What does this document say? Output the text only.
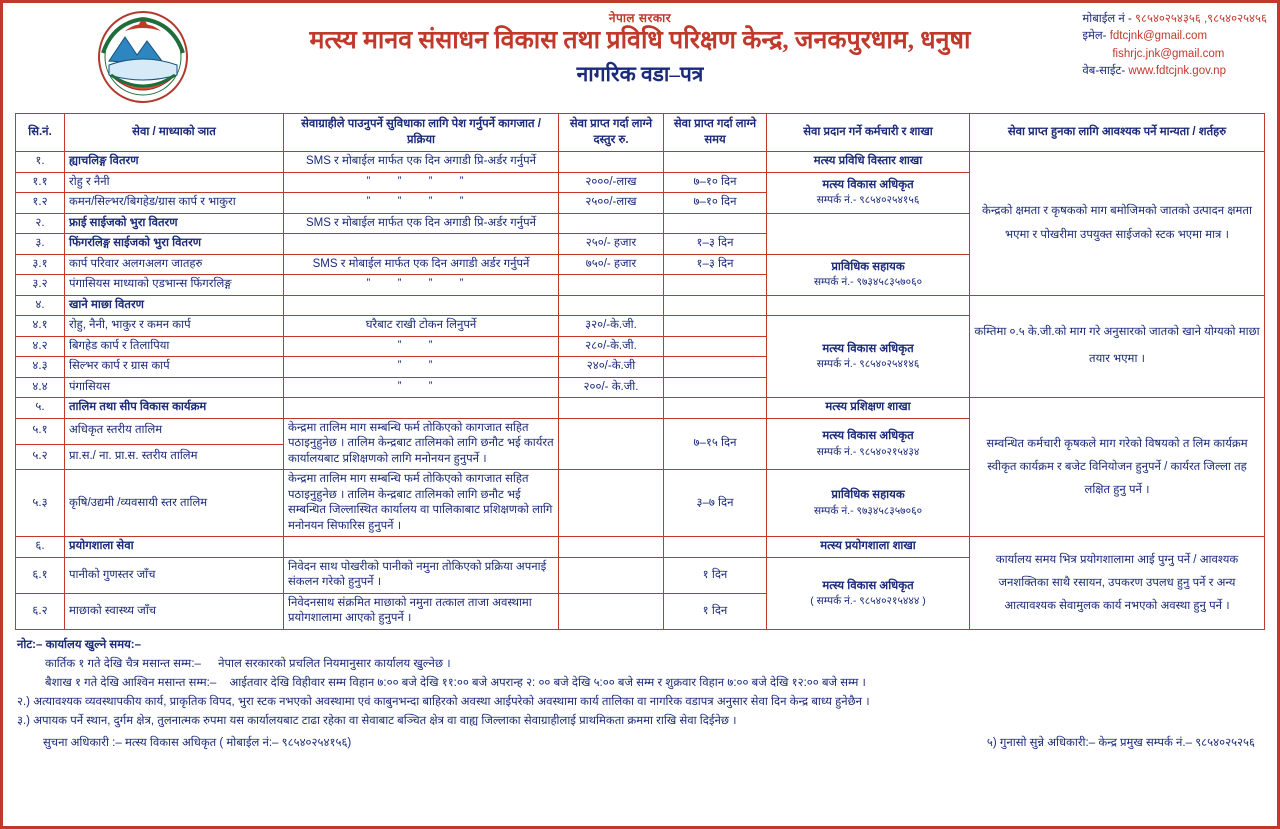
नेपाल सरकार
मत्स्य मानव संसाधन विकास तथा प्रविधि परिक्षण केन्द्र, जनकपुरधाम, धनुषा
नागरिक वडा–पत्र
मोबाईल नं - ९८५४०२५४३५६ ,९८५४०२५४५६
इमेल- fdtcjnk@gmail.com
fishrjc.jnk@gmail.com
वेब-साईट- www.fdtcjnk.gov.np
सि.नं.	सेवा / माध्याको ञात	सेवाग्राहीले पाउनुपर्ने सुविधाका लागि पेश गर्नुपर्ने कागजात / प्रक्रिया	सेवा प्राप्त गर्दा लाग्ने दस्तुर रु.	सेवा प्राप्त गर्दा लाग्ने समय	सेवा प्रदान गर्ने कर्मचारी र शाखा	सेवा प्राप्त हुनका लागि आवश्यक पर्ने मान्यता / शर्तहरु
१.	ह्याचलिङ्ग वितरण	SMS र मोबाईल मार्फत एक दिन अगाडी प्रि-अर्डर गर्नुपर्ने			मत्स्य प्रविधि विस्तार शाखा	केन्द्रको क्षमता र कृषकको माग बमोजिमको जातको उत्पादन क्षमता भएमा र पोखरीमा उपयुक्त साईजको स्टक भएमा मात्र ।
१.१	रोहु र नैनी	” ” ” ”	२०००/-लाख	७–१० दिन	मत्स्य विकास अधिकृत
सम्पर्क नं.- ९८५४०२५४१५६	

१.२	कमन/सिल्भर/बिगहेड/ग्रास कार्प र भाकुरा	” ” ” ”	२५००/-लाख	७–१० दिन		
२.	फ्राई साईजको भुरा वितरण	SMS र मोबाईल मार्फत एक दिन अगाडी प्रि-अर्डर गर्नुपर्ने				
३.	फिंगरलिङ्ग साईजको भुरा वितरण		२५०/- हजार	१–३ दिन		
३.१	कार्प परिवार अलगअलग जातहरु	SMS र मोबाईल मार्फत एक दिन अगाडी अर्डर गर्नुपर्ने	७५०/- हजार	१–३ दिन	प्राविधिक सहायक
सम्पर्क नं.- ९७३४५८३५७०६०	

३.२	पंगासियस माध्याको एडभान्स फिंगरलिङ्ग	” ” ” ”				
४.	खाने माछा वितरण					कम्तिमा ०.५ के.जी.को माग गरे अनुसारको जातको खाने योग्यको माछा तयार भएमा ।
४.१	रोहु, नैनी, भाकुर र कमन कार्प	घरैबाट राखी टोकन लिनुपर्ने	३२०/-के.जी.		मत्स्य विकास अधिकृत
सम्पर्क नं.- ९८५४०२५४१४६	

४.२	बिगहेड कार्प र तिलापिया	” ”	२८०/-के.जी.			
४.३	सिल्भर कार्प र ग्रास कार्प	” ”	२४०/-के.जी			
४.४	पंगासियस	” ”	२००/- के.जी.			
५.	तालिम तथा सीप विकास कार्यक्रम				मत्स्य प्रशिक्षण शाखा	सम्वन्धित कर्मचारी कृषकले माग गरेको विषयको त लिम कार्यक्रम स्वीकृत कार्यक्रम र बजेट विनियोजन हुनुपर्ने / कार्यरत जिल्ला तह लक्षित हुनु पर्ने ।
५.१	अधिकृत स्तरीय तालिम	केन्द्रमा तालिम माग सम्बन्धि फर्म तोकिएको कागजात सहित पठाइनुहुनेछ । तालिम केन्द्रबाट तालिमको लागि छनौट भई कार्यरत कार्यालयबाट प्रशिक्षणको लागि मनोनयन हुनुपर्ने ।		७–१५ दिन	मत्स्य विकास अधिकृत
सम्पर्क नं.- ९८५४०२१५४३४	

५.२	प्रा.स./ ना. प्रा.स. स्तरीय तालिम					
५.३	कृषि/उद्यमी /व्यवसायी स्तर तालिम	केन्द्रमा तालिम माग सम्बन्धि फर्म तोकिएको कागजात सहित पठाइनुहुनेछ । तालिम केन्द्रबाट तालिमको लागि छनौट भई सम्बन्धित जिल्लास्थित कार्यालय वा पालिकाबाट प्रशिक्षणको लागि मनोनयन सिफारिस हुनुपर्ने ।		३–७ दिन	प्राविधिक सहायक
सम्पर्क नं.- ९७३४५८३५७०६०	

६.	प्रयोगशाला सेवा				मत्स्य प्रयोगशाला शाखा	कार्यालय समय भित्र प्रयोगशालामा आई पुग्नु पर्ने / आवश्यक जनशक्तिका साथै रसायन, उपकरण उपलध हुनु पर्ने र अन्य आत्यावश्यक सेवामुलक कार्य नभएको अवस्था हुनु पर्ने ।
६.१	पानीको गुणस्तर जाँच	निवेदन साथ पोखरीको पानीको नमुना तोकिएको प्रक्रिया अपनाई संकलन गरेको हुनुपर्ने ।		१ दिन	मत्स्य विकास अधिकृत
( सम्पर्क नं.- ९८५४०२१५४४४ )	

६.२	माछाको स्वास्थ्य जाँच	निवेदनसाथ संक्रमित माछाको नमुना तत्काल ताजा अवस्थामा प्रयोगशालामा आएको हुनुपर्ने ।		१ दिन		
नोट:– कार्यालय खुल्ने समय:–
कार्तिक १ गते देखि चैत्र मसान्त सम्म:– नेपाल सरकारको प्रचलित नियमानुसार कार्यालय खुल्नेछ ।
बैशाख १ गते देखि आश्विन मसान्त सम्म:– आईतवार देखि विहीवार सम्म विहान ७:०० बजे देखि ११:०० बजे अपरान्ह २: ०० बजे देखि ५:०० बजे सम्म र शुक्रवार विहान ७:०० बजे देखि १२:०० बजे सम्म ।
२.) अत्यावश्यक व्यवस्थापकीय कार्य, प्राकृतिक विपद, भुरा स्टक नभएको अवस्थामा एवं काबुनभन्दा बाहिरको अवस्था आईपरेको अवस्थामा कार्य तालिका वा नागरिक वडापत्र अनुसार सेवा दिन केन्द्र बाध्य हुनेछैन ।
३.) अपायक पर्ने स्थान, दुर्गम क्षेत्र, तुलनात्मक रुपमा यस कार्यालयबाट टाढा रहेका वा सेवाबाट बञ्चित क्षेत्र वा वाह्य जिल्लाका सेवाग्राहीलाई प्राथमिकता क्रममा राखि सेवा दिईनेछ ।
सुचना अधिकारी :– मत्स्य विकास अधिकृत ( मोबाईल नं:– ९८५४०२५४१५६)	५) गुनासो सुन्ने अधिकारी:– केन्द्र प्रमुख सम्पर्क नं.– ९८५४०२५२५६
